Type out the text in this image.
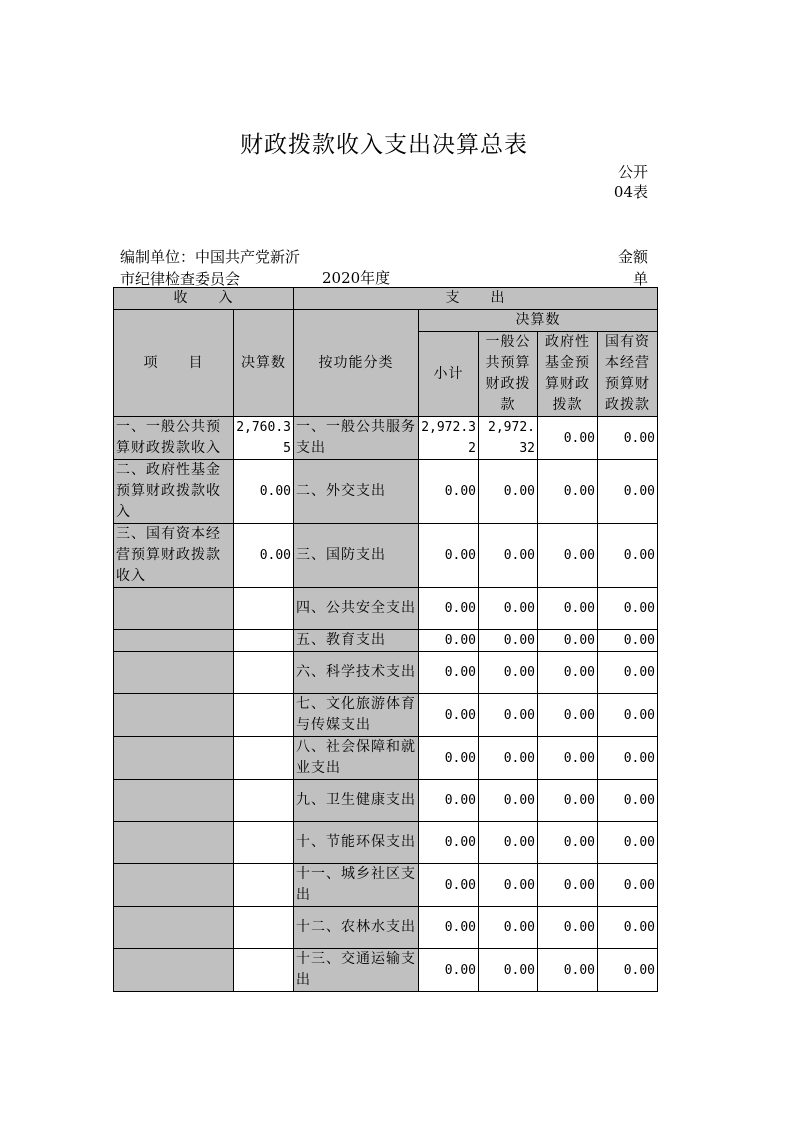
财政拨款收入支出决算总表
公开04表
编制单位：中国共产党新沂市纪律检查委员会	2020年度
金额单
收　　入		支　　出				
项　　目	决算数	按功能分类	决算数			
			小计	一般公共预算财政拨款	政府性基金预算财政拨款	国有资本经营预算财政拨款
一、一般公共预算财政拨款收入	2,760.35	一、一般公共服务支出	2,972.32	2,972.32	0.00	0.00
二、政府性基金预算财政拨款收入	0.00	二、外交支出	0.00	0.00	0.00	0.00
三、国有资本经营预算财政拨款收入	0.00	三、国防支出	0.00	0.00	0.00	0.00
		四、公共安全支出	0.00	0.00	0.00	0.00
		五、教育支出	0.00	0.00	0.00	0.00
		六、科学技术支出	0.00	0.00	0.00	0.00
		七、文化旅游体育与传媒支出	0.00	0.00	0.00	0.00
		八、社会保障和就业支出	0.00	0.00	0.00	0.00
		九、卫生健康支出	0.00	0.00	0.00	0.00
		十、节能环保支出	0.00	0.00	0.00	0.00
		十一、城乡社区支出	0.00	0.00	0.00	0.00
		十二、农林水支出	0.00	0.00	0.00	0.00
		十三、交通运输支出	0.00	0.00	0.00	0.00
